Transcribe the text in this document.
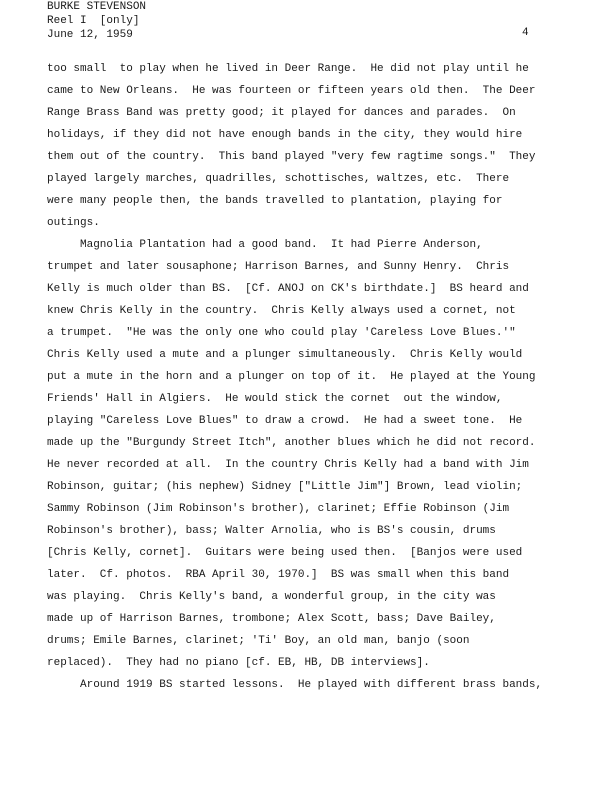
BURKE STEVENSON
Reel I  [only]
June 12, 1959	4
too small  to play when he lived in Deer Range.  He did not play until he
came to New Orleans.  He was fourteen or fifteen years old then.  The Deer
Range Brass Band was pretty good; it played for dances and parades.  On
holidays, if they did not have enough bands in the city, they would hire
them out of the country.  This band played "very few ragtime songs."  They
played largely marches, quadrilles, schottisches, waltzes, etc.  There
were many people then, the bands travelled to plantation, playing for
outings.
Magnolia Plantation had a good band.  It had Pierre Anderson,
trumpet and later sousaphone; Harrison Barnes, and Sunny Henry.  Chris
Kelly is much older than BS.  [Cf. ANOJ on CK's birthdate.]  BS heard and
knew Chris Kelly in the country.  Chris Kelly always used a cornet, not
a trumpet.  "He was the only one who could play 'Careless Love Blues.'"
Chris Kelly used a mute and a plunger simultaneously.  Chris Kelly would
put a mute in the horn and a plunger on top of it.  He played at the Young
Friends' Hall in Algiers.  He would stick the cornet  out the window,
playing "Careless Love Blues" to draw a crowd.  He had a sweet tone.  He
made up the "Burgundy Street Itch", another blues which he did not record.
He never recorded at all.  In the country Chris Kelly had a band with Jim
Robinson, guitar; (his nephew) Sidney ["Little Jim"] Brown, lead violin;
Sammy Robinson (Jim Robinson's brother), clarinet; Effie Robinson (Jim
Robinson's brother), bass; Walter Arnolia, who is BS's cousin, drums
[Chris Kelly, cornet].  Guitars were being used then.  [Banjos were used
later.  Cf. photos.  RBA April 30, 1970.]  BS was small when this band
was playing.  Chris Kelly's band, a wonderful group, in the city was
made up of Harrison Barnes, trombone; Alex Scott, bass; Dave Bailey,
drums; Emile Barnes, clarinet; 'Ti' Boy, an old man, banjo (soon
replaced).  They had no piano [cf. EB, HB, DB interviews].
Around 1919 BS started lessons.  He played with different brass bands,
